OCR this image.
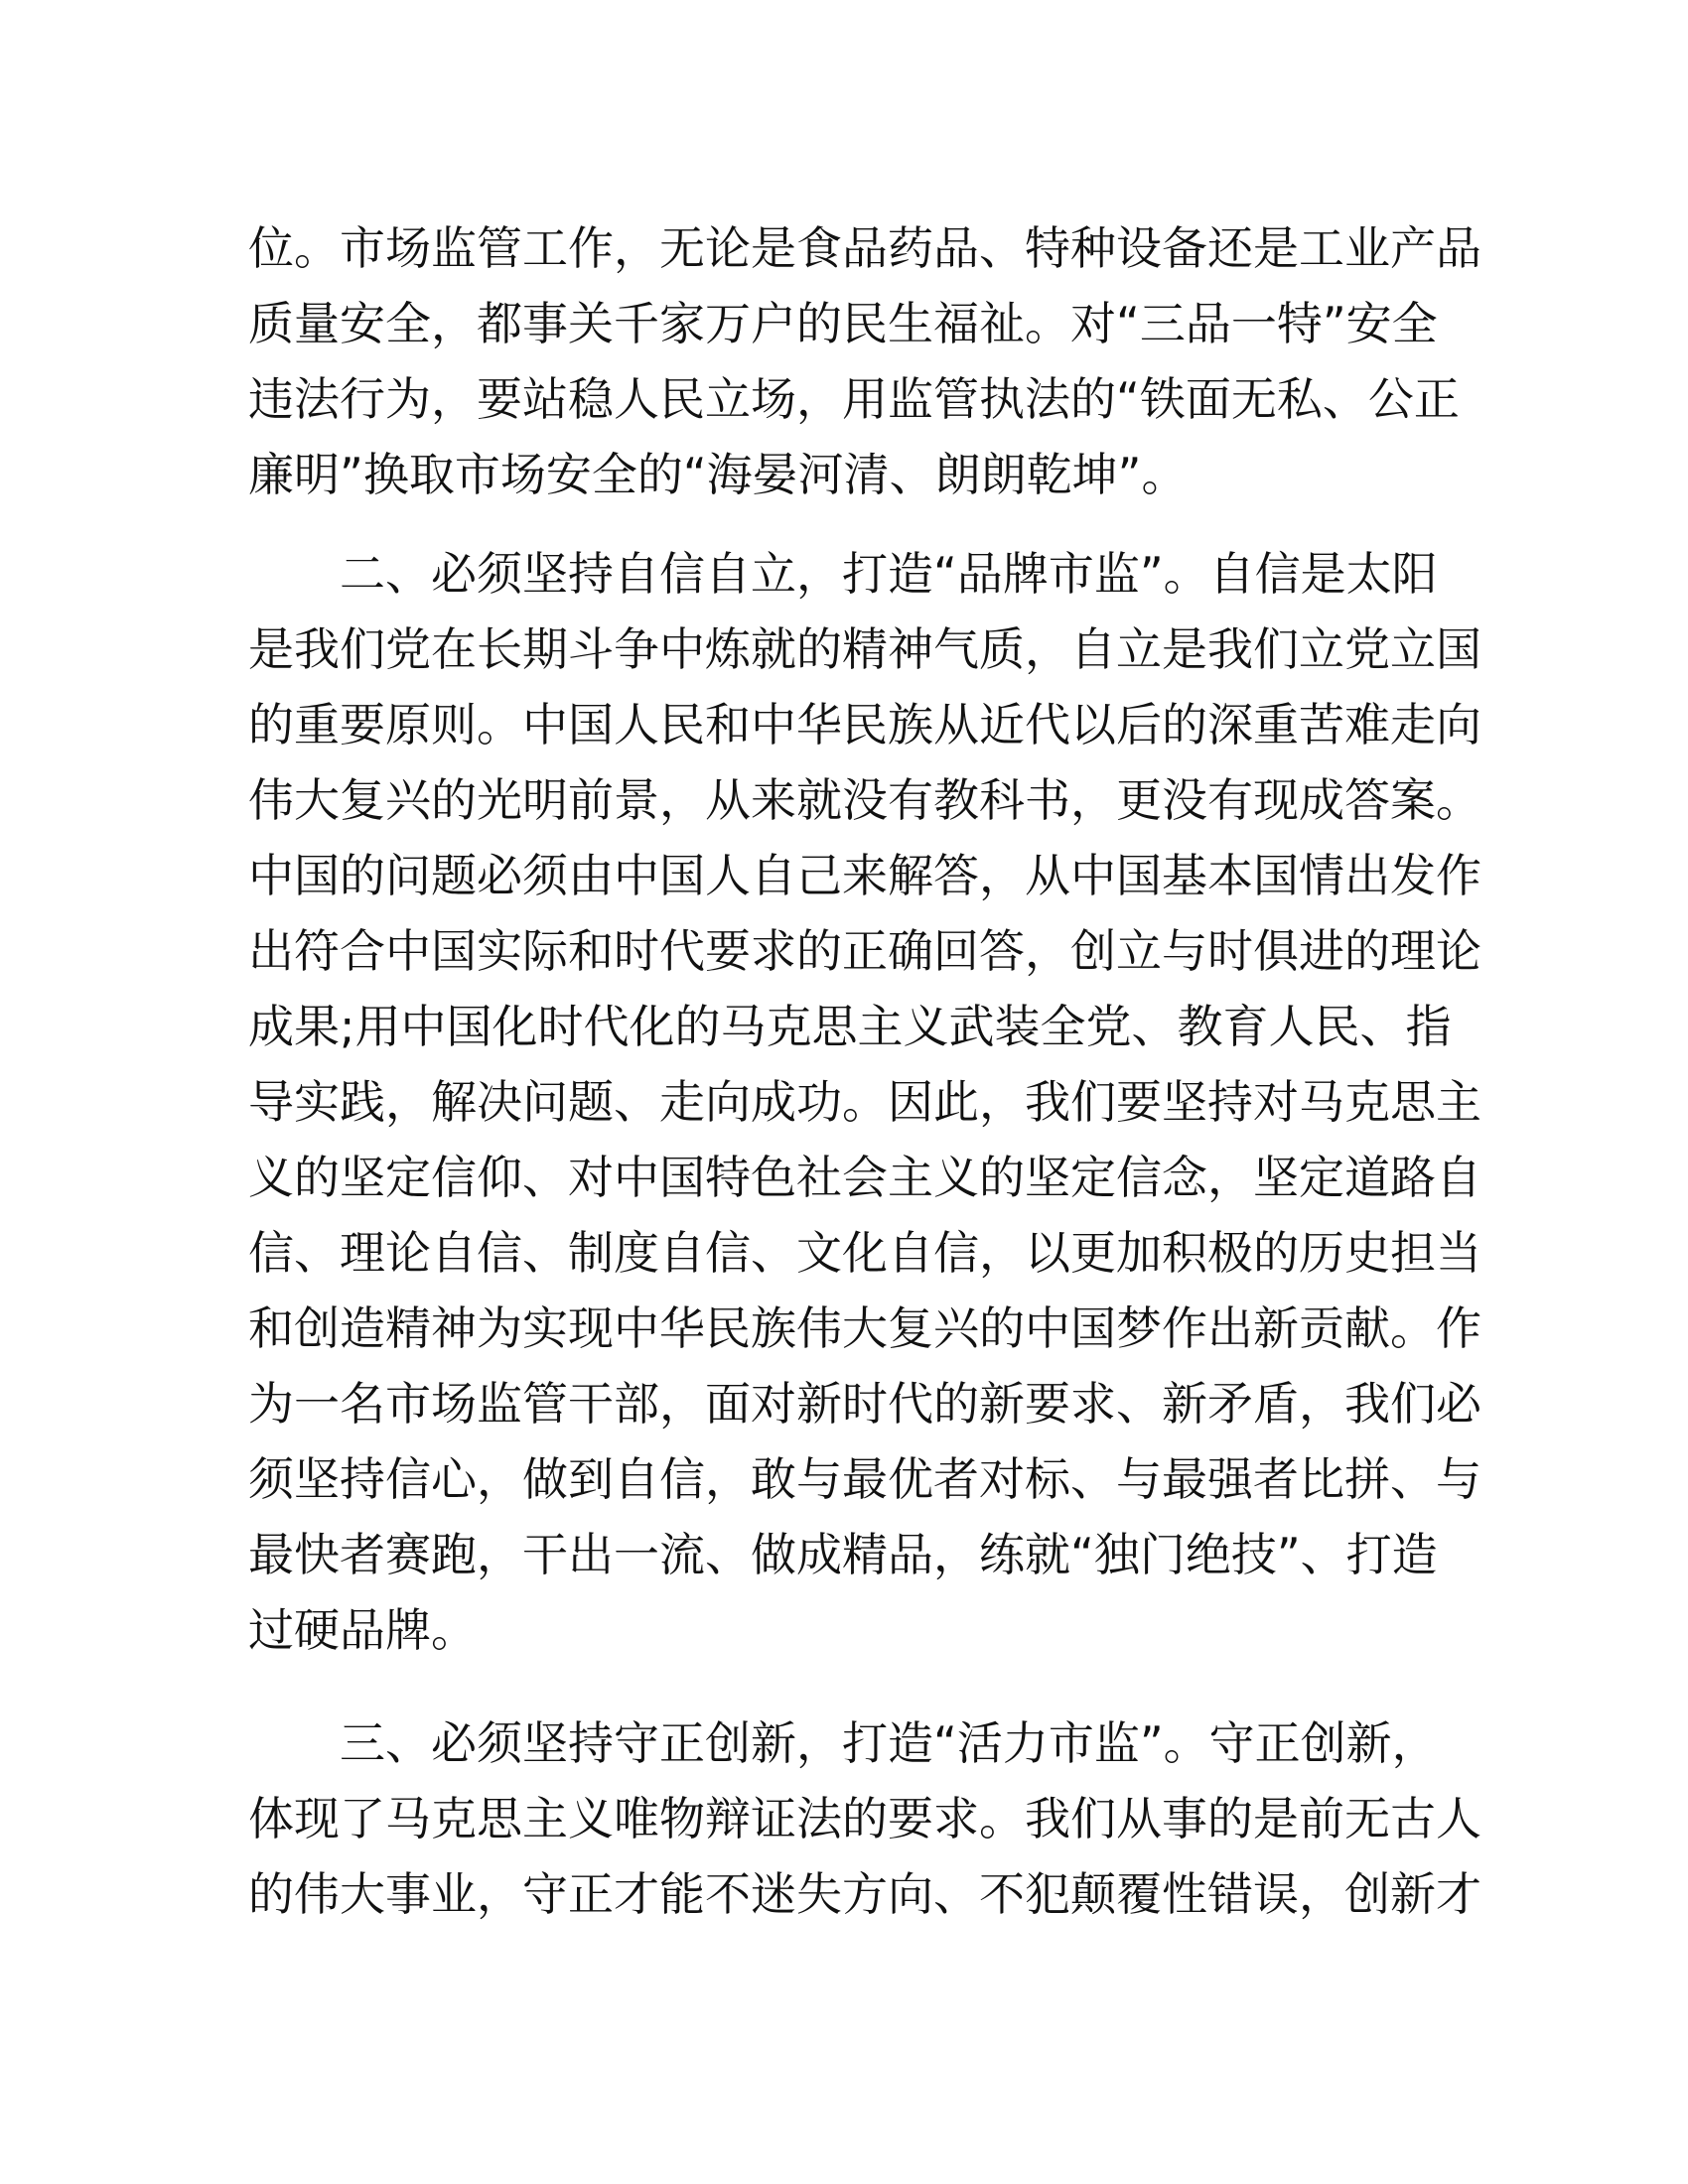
位。市场监管工作，无论是食品药品、特种设备还是工业产品
质量安全，都事关千家万户的民生福祉。对“三品一特”安全
违法行为，要站稳人民立场，用监管执法的“铁面无私、公正
廉明”换取市场安全的“海晏河清、朗朗乾坤”。
二、必须坚持自信自立，打造“品牌市监”。自信是太阳
是我们党在长期斗争中炼就的精神气质，自立是我们立党立国
的重要原则。中国人民和中华民族从近代以后的深重苦难走向
伟大复兴的光明前景，从来就没有教科书，更没有现成答案。
中国的问题必须由中国人自己来解答，从中国基本国情出发作
出符合中国实际和时代要求的正确回答，创立与时俱进的理论
成果;用中国化时代化的马克思主义武装全党、教育人民、指
导实践，解决问题、走向成功。因此，我们要坚持对马克思主
义的坚定信仰、对中国特色社会主义的坚定信念，坚定道路自
信、理论自信、制度自信、文化自信，以更加积极的历史担当
和创造精神为实现中华民族伟大复兴的中国梦作出新贡献。作
为一名市场监管干部，面对新时代的新要求、新矛盾，我们必
须坚持信心，做到自信，敢与最优者对标、与最强者比拼、与
最快者赛跑，干出一流、做成精品，练就“独门绝技”、打造
过硬品牌。
三、必须坚持守正创新，打造“活力市监”。守正创新，
体现了马克思主义唯物辩证法的要求。我们从事的是前无古人
的伟大事业，守正才能不迷失方向、不犯颠覆性错误，创新才
